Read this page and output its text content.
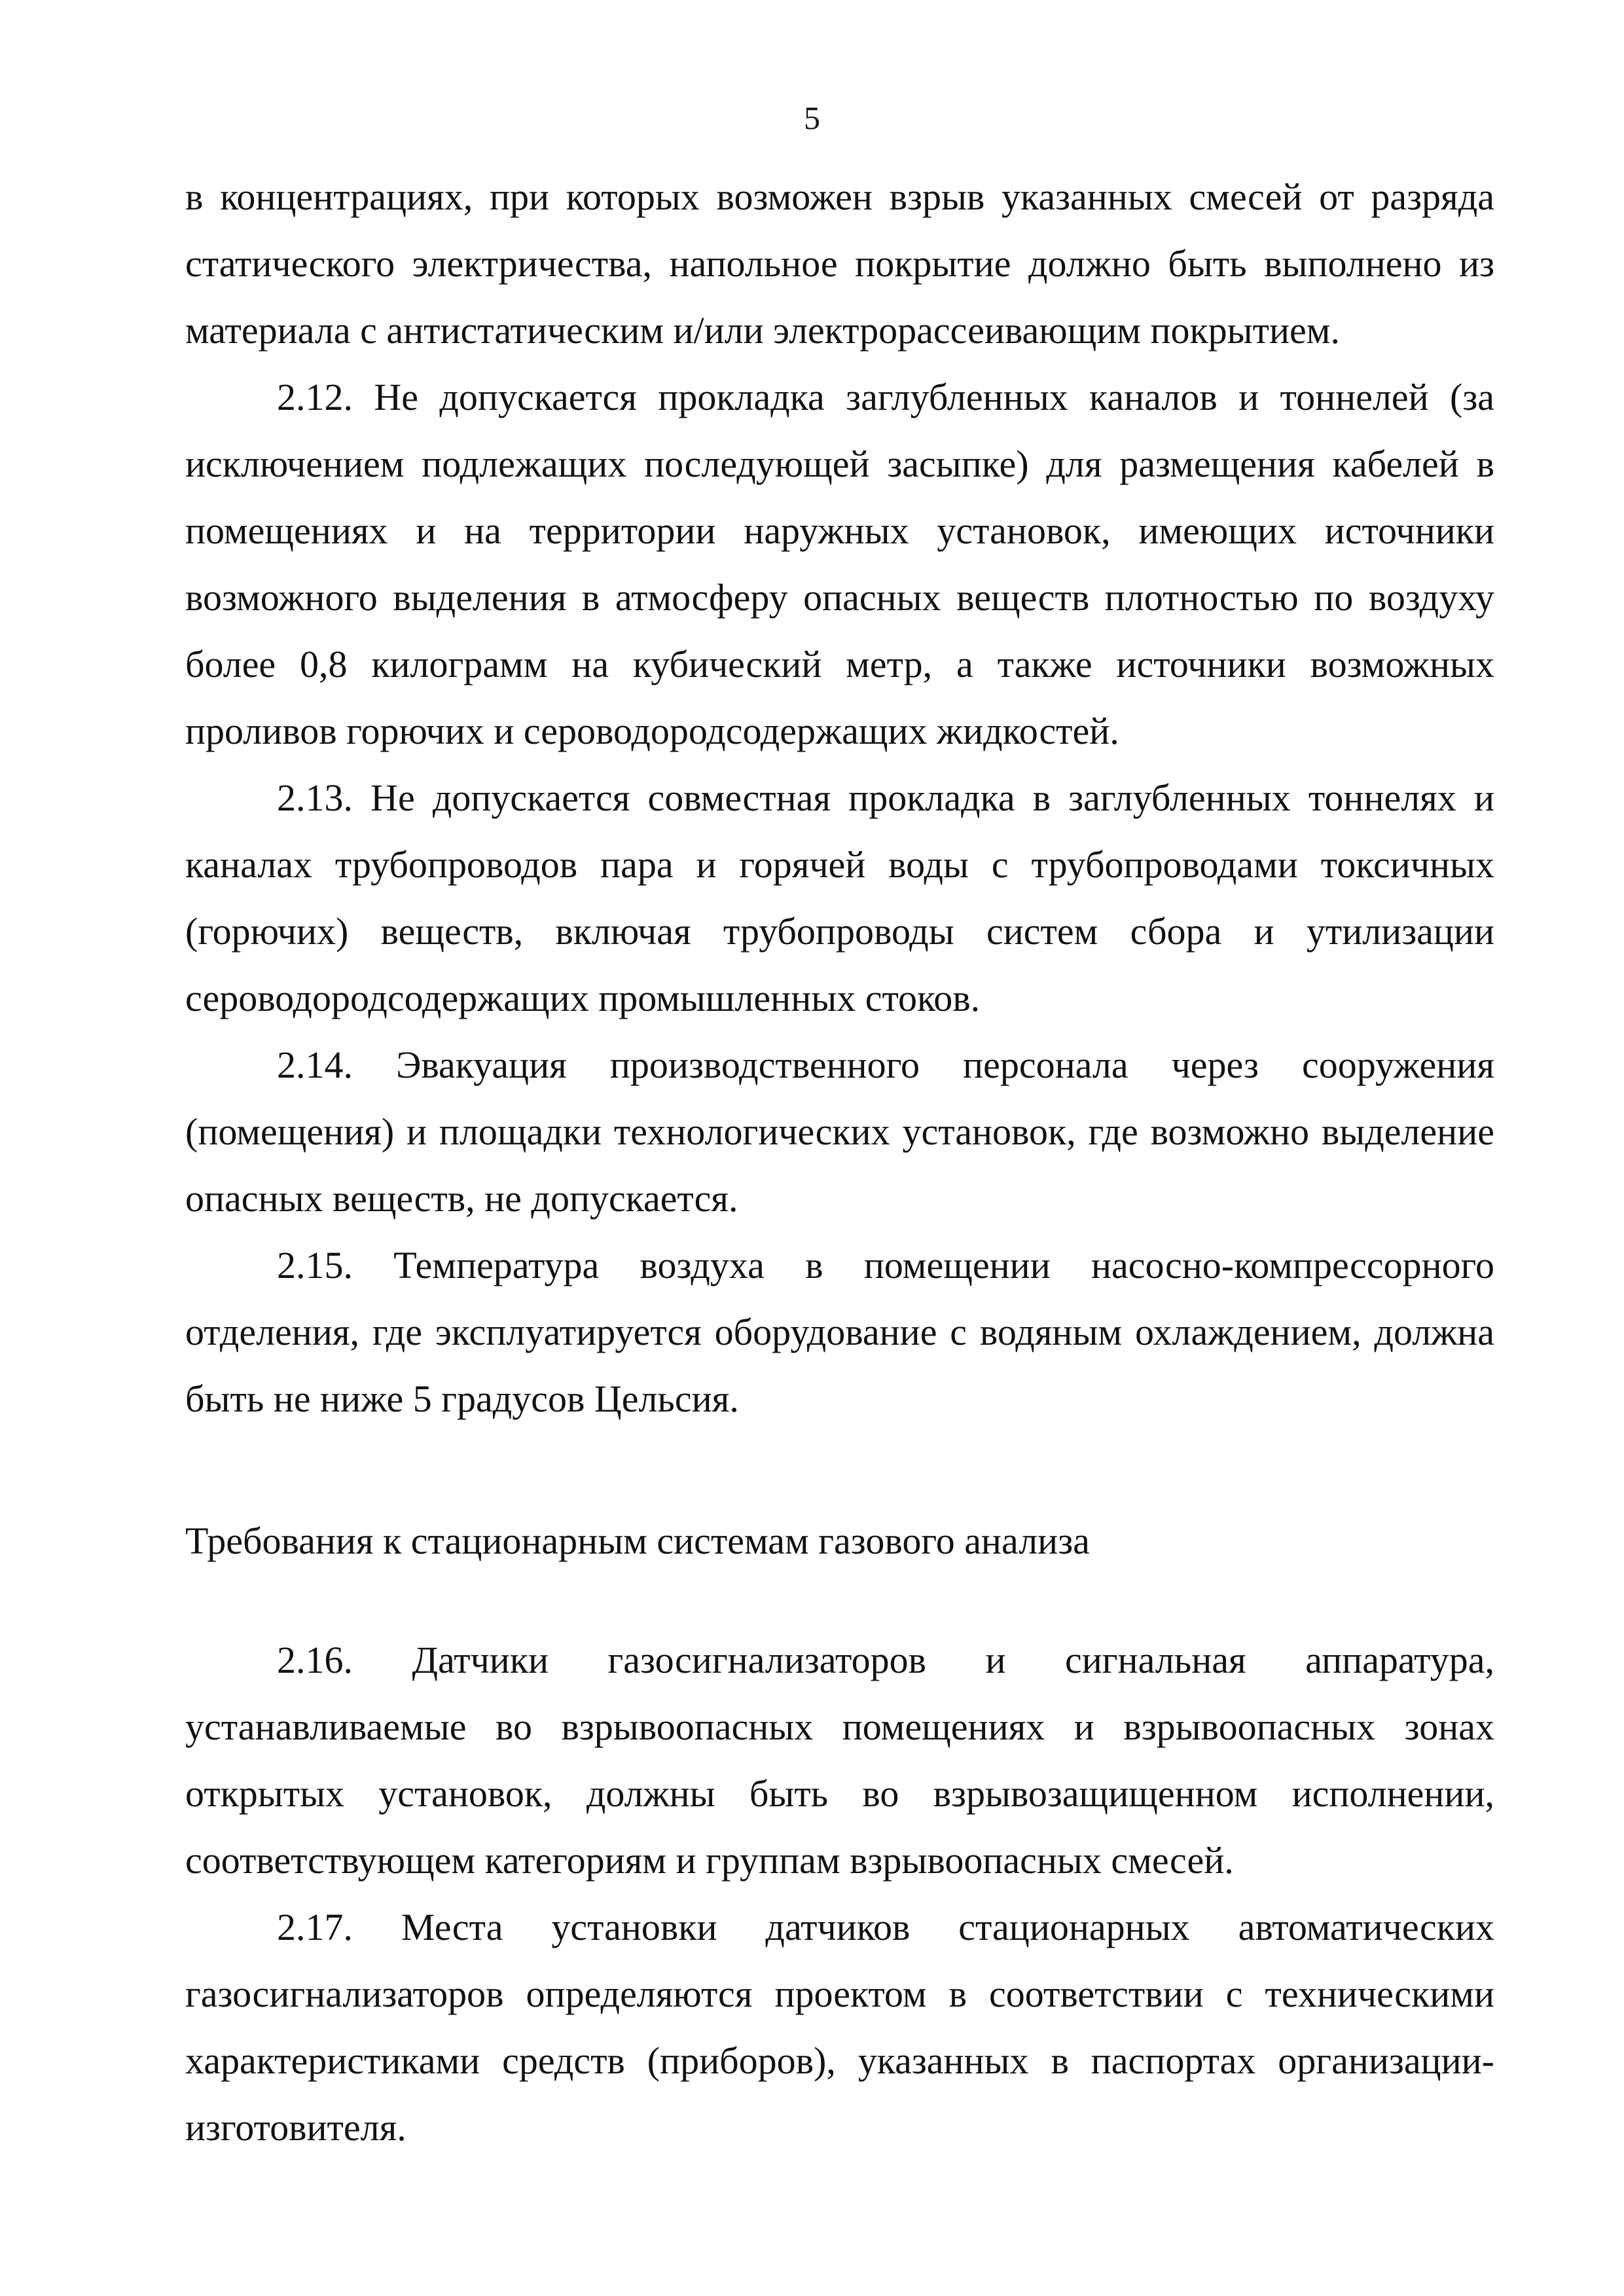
5

в концентрациях, при которых возможен взрыв указанных смесей от разряда статического электричества, напольное покрытие должно быть выполнено из материала с антистатическим и/или электрорассеивающим покрытием.

2.12. Не допускается прокладка заглубленных каналов и тоннелей (за исключением подлежащих последующей засыпке) для размещения кабелей в помещениях и на территории наружных установок, имеющих источники возможного выделения в атмосферу опасных веществ плотностью по воздуху более 0,8 килограмм на кубический метр, а также источники возможных проливов горючих и сероводородсодержащих жидкостей.

2.13. Не допускается совместная прокладка в заглубленных тоннелях и каналах трубопроводов пара и горячей воды с трубопроводами токсичных (горючих) веществ, включая трубопроводы систем сбора и утилизации сероводородсодержащих промышленных стоков.

2.14. Эвакуация производственного персонала через сооружения (помещения) и площадки технологических установок, где возможно выделение опасных веществ, не допускается.

2.15. Температура воздуха в помещении насосно-компрессорного отделения, где эксплуатируется оборудование с водяным охлаждением, должна быть не ниже 5 градусов Цельсия.

Требования к стационарным системам газового анализа

2.16. Датчики газосигнализаторов и сигнальная аппаратура, устанавливаемые во взрывоопасных помещениях и взрывоопасных зонах открытых установок, должны быть во взрывозащищенном исполнении, соответствующем категориям и группам взрывоопасных смесей.

2.17. Места установки датчиков стационарных автоматических газосигнализаторов определяются проектом в соответствии с техническими характеристиками средств (приборов), указанных в паспортах организации-изготовителя.
